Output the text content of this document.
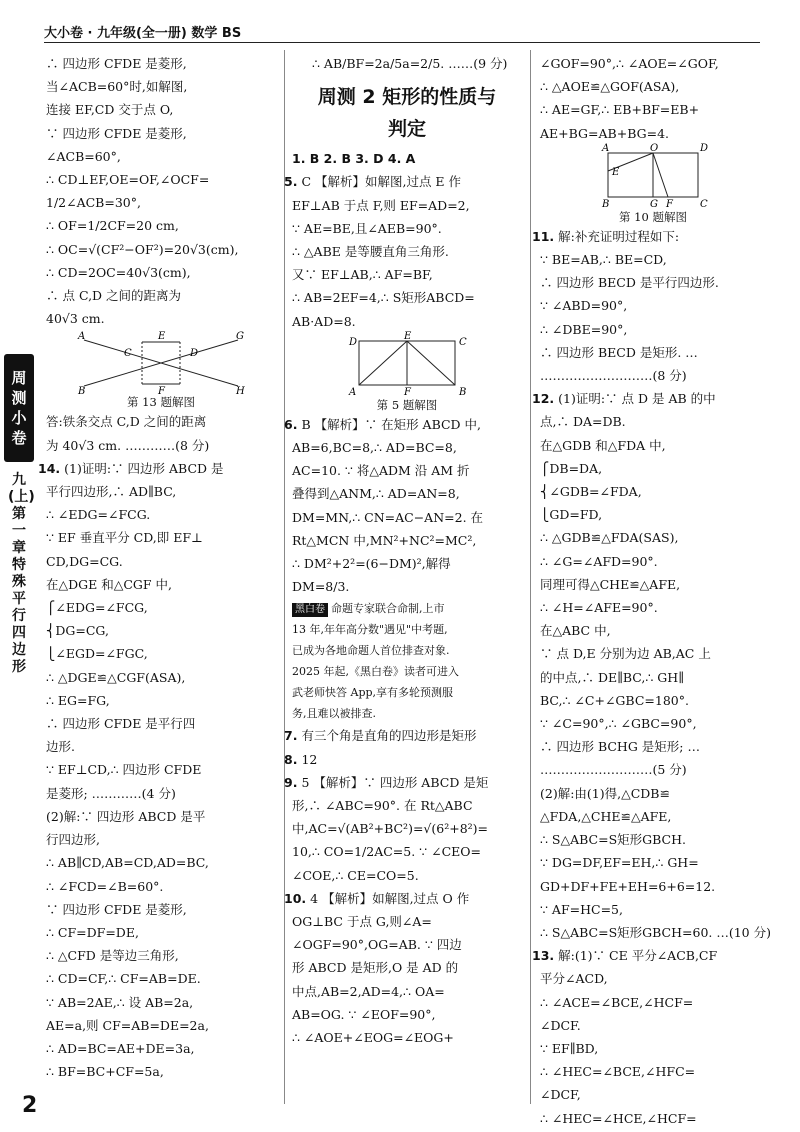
大小卷 · 九年级(全一册) 数学 BS
周
测
小
卷
九
(上)
第
一
章
特
殊
平
行
四
边
形
∴ 四边形 CFDE 是菱形,
当∠ACB=60°时,如解图,
连接 EF,CD 交于点 O,
∵ 四边形 CFDE 是菱形,
∠ACB=60°,
∴ CD⊥EF,OE=OF,∠OCF=
1/2∠ACB=30°,
∴ OF=1/2CF=20 cm,
∴ OC=√(CF²−OF²)=20√3(cm),
∴ CD=2OC=40√3(cm),
∴ 点 C,D 之间的距离为
40√3 cm.
A
C
E
D
G
B	F	H
第 13 题解图
答:铁条交点 C,D 之间的距离
为 40√3 cm. …………(8 分)
14. (1)证明:∵ 四边形 ABCD 是
平行四边形,∴ AD∥BC,
∴ ∠EDG=∠FCG.
∵ EF 垂直平分 CD,即 EF⊥
CD,DG=CG.
在△DGE 和△CGF 中,
⎧∠EDG=∠FCG,
⎨DG=CG,
⎩∠EGD=∠FGC,
∴ △DGE≌△CGF(ASA),
∴ EG=FG,
∴ 四边形 CFDE 是平行四
边形.
∵ EF⊥CD,∴ 四边形 CFDE
是菱形; …………(4 分)
(2)解:∵ 四边形 ABCD 是平
行四边形,
∴ AB∥CD,AB=CD,AD=BC,
∴ ∠FCD=∠B=60°.
∵ 四边形 CFDE 是菱形,
∴ CF=DF=DE,
∴ △CFD 是等边三角形,
∴ CD=CF,∴ CF=AB=DE.
∵ AB=2AE,∴ 设 AB=2a,
AE=a,则 CF=AB=DE=2a,
∴ AD=BC=AE+DE=3a,
∴ BF=BC+CF=5a,
∴ AB/BF=2a/5a=2/5. ……(9 分)
周测 2 矩形的性质与
判定
1. B 2. B 3. D 4. A
5. C 【解析】如解图,过点 E 作
EF⊥AB 于点 F,则 EF=AD=2,
∵ AE=BE,且∠AEB=90°.
∴ △ABE 是等腰直角三角形.
又∵ EF⊥AB,∴ AF=BF,
∴ AB=2EF=4,∴ S矩形ABCD=
AB·AD=8.
D
E
C
A	F	B
第 5 题解图
6. B 【解析】∵ 在矩形 ABCD 中,
AB=6,BC=8,∴ AD=BC=8,
AC=10. ∵ 将△ADM 沿 AM 折
叠得到△ANM,∴ AD=AN=8,
DM=MN,∴ CN=AC−AN=2. 在
Rt△MCN 中,MN²+NC²=MC²,
∴ DM²+2²=(6−DM)²,解得
DM=8/3.
黑白卷 命题专家联合命制,上市
13 年,年年高分数"遇见"中考题,
已成为各地命题人首位排查对象.
2025 年起,《黑白卷》读者可进入
武老师快答 App,享有多轮预测服
务,且难以被排查.
7. 有三个角是直角的四边形是矩形
8. 12
9. 5 【解析】∵ 四边形 ABCD 是矩
形,∴ ∠ABC=90°. 在 Rt△ABC
中,AC=√(AB²+BC²)=√(6²+8²)=
10,∴ CO=1/2AC=5. ∵ ∠CEO=
∠COE,∴ CE=CO=5.
10. 4 【解析】如解图,过点 O 作
OG⊥BC 于点 G,则∠A=
∠OGF=90°,OG=AB. ∵ 四边
形 ABCD 是矩形,O 是 AD 的
中点,AB=2,AD=4,∴ OA=
AB=OG. ∵ ∠EOF=90°,
∴ ∠AOE+∠EOG=∠EOG+
∠GOF=90°,∴ ∠AOE=∠GOF,
∴ △AOE≌△GOF(ASA),
∴ AE=GF,∴ EB+BF=EB+
AE+BG=AB+BG=4.
A	O	D
E
B	G F	C
第 10 题解图
11. 解:补充证明过程如下:
∵ BE=AB,∴ BE=CD,
∴ 四边形 BECD 是平行四边形.
∵ ∠ABD=90°,
∴ ∠DBE=90°,
∴ 四边形 BECD 是矩形. …
………………………(8 分)
12. (1)证明:∵ 点 D 是 AB 的中
点,∴ DA=DB.
在△GDB 和△FDA 中,
⎧DB=DA,
⎨∠GDB=∠FDA,
⎩GD=FD,
∴ △GDB≌△FDA(SAS),
∴ ∠G=∠AFD=90°.
同理可得△CHE≌△AFE,
∴ ∠H=∠AFE=90°.
在△ABC 中,
∵ 点 D,E 分别为边 AB,AC 上
的中点,∴ DE∥BC,∴ GH∥
BC,∴ ∠C+∠GBC=180°.
∵ ∠C=90°,∴ ∠GBC=90°,
∴ 四边形 BCHG 是矩形; …
………………………(5 分)
(2)解:由(1)得,△CDB≌
△FDA,△CHE≌△AFE,
∴ S△ABC=S矩形GBCH.
∵ DG=DF,EF=EH,∴ GH=
GD+DF+FE+EH=6+6=12.
∵ AF=HC=5,
∴ S△ABC=S矩形GBCH=60. …(10 分)
13. 解:(1)∵ CE 平分∠ACB,CF
平分∠ACD,
∴ ∠ACE=∠BCE,∠HCF=
∠DCF.
∵ EF∥BD,
∴ ∠HEC=∠BCE,∠HFC=
∠DCF,
∴ ∠HEC=∠HCE,∠HCF=
2
